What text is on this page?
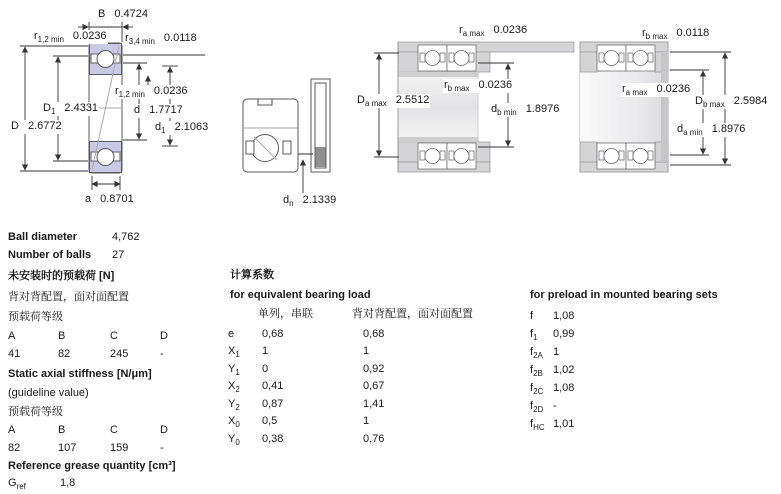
B 0.4724
$r_{1,2 min}$ 0.0236 $r_{3,4 min}$ 0.0118
$D_1$ 2.4331
D 2.6772
$r_{1,2 min}$ 0.0236
d 1.7717
$d_1$ 2.1063
a 0.8701	$d_n$ 2.1339
$r_{a max}$ 0.0236
$D_{a max}$ 2.5512
$r_{b max}$ 0.0236
$d_{b min}$ 1.8976
$r_{b max}$ 0.0118
$r_{a max}$ 0.0236
$D_{b max}$ 2.5984
$d_{a min}$ 1.8976
Ball diameter	4,762
Number of balls 27
未安装时的预载荷 [N]
背对背配置，面对面配置
预载荷等级
A	B	C	D
41	82	245	-
Static axial stiffness [N/μm]
(guideline value)
预载荷等级
A	B	C	D
82	107	159	-
Reference grease quantity [cm³]
$G_{ref}$	1,8
计算系数
for equivalent bearing load
单列，串联	背对背配置，面对面配置
e	0,68	0,68
$X_1$ 1	1
$Y_1$ 0	0,92
$X_2$ 0,41	0,67
$Y_2$ 0,87	1,41
$X_0$ 0,5	1
$Y_0$ 0,38	0,76
for preload in mounted bearing sets
f 1,08
$f_1$ 0,99
$f_{2A}$ 1
$f_{2B}$ 1,02
$f_{2C}$ 1,08
$f_{2D}$ -
$f_{HC}$ 1,01
